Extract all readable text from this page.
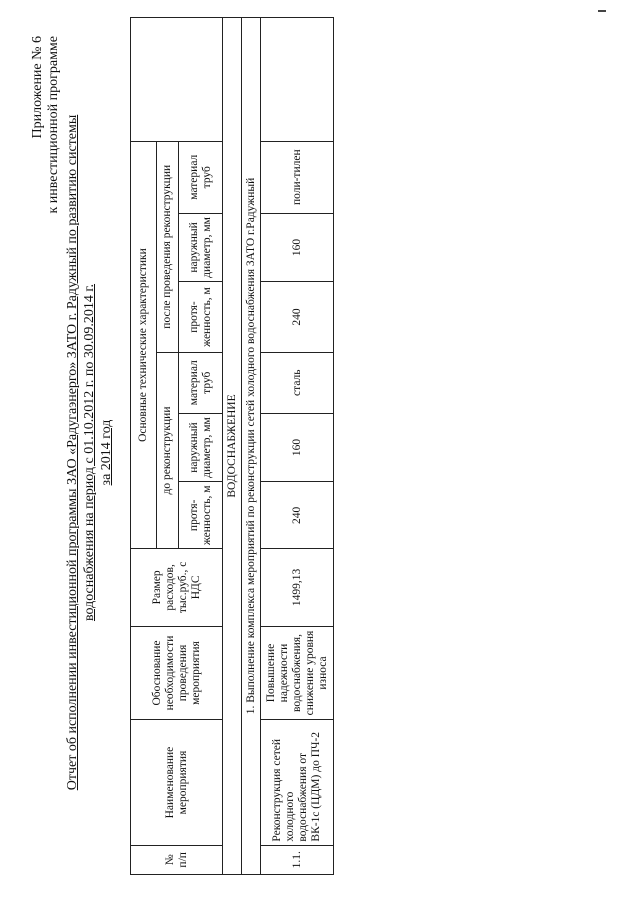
Приложение № 6 к инвестиционной программе Отчет об исполнении инвестиционной программы ЗАО «Радугаэнерго» ЗАТО г. Радужный по развитию системы водоснабжения на период с 01.10.2012 г. по 30.09.2014 г. за 2014 год
№ п/п	Наименование мероприятия	Обоснование необходимости проведения мероприятия	Размер расходов, тыс.руб., с НДС	Основные технические характеристики						
				до реконструкции			после проведения реконструкции			
				протя-женность, м	наружный диаметр, мм	материал труб	протя-женность, м	наружный диаметр, мм	материал труб	
ВОДОСНАБЖЕНИЕ										
1. Выполнение комплекса мероприятий по реконструкции сетей холодного водоснабжения ЗАТО г.Радужный										
1.1.	Реконструкция сетей холодного водоснабжения от ВК-1с (ЦДМ) до ПЧ-2	Повышение надежности водоснабжения, снижение уровня износа	1499,13	240	160	сталь	240	160	поли-тилен	
